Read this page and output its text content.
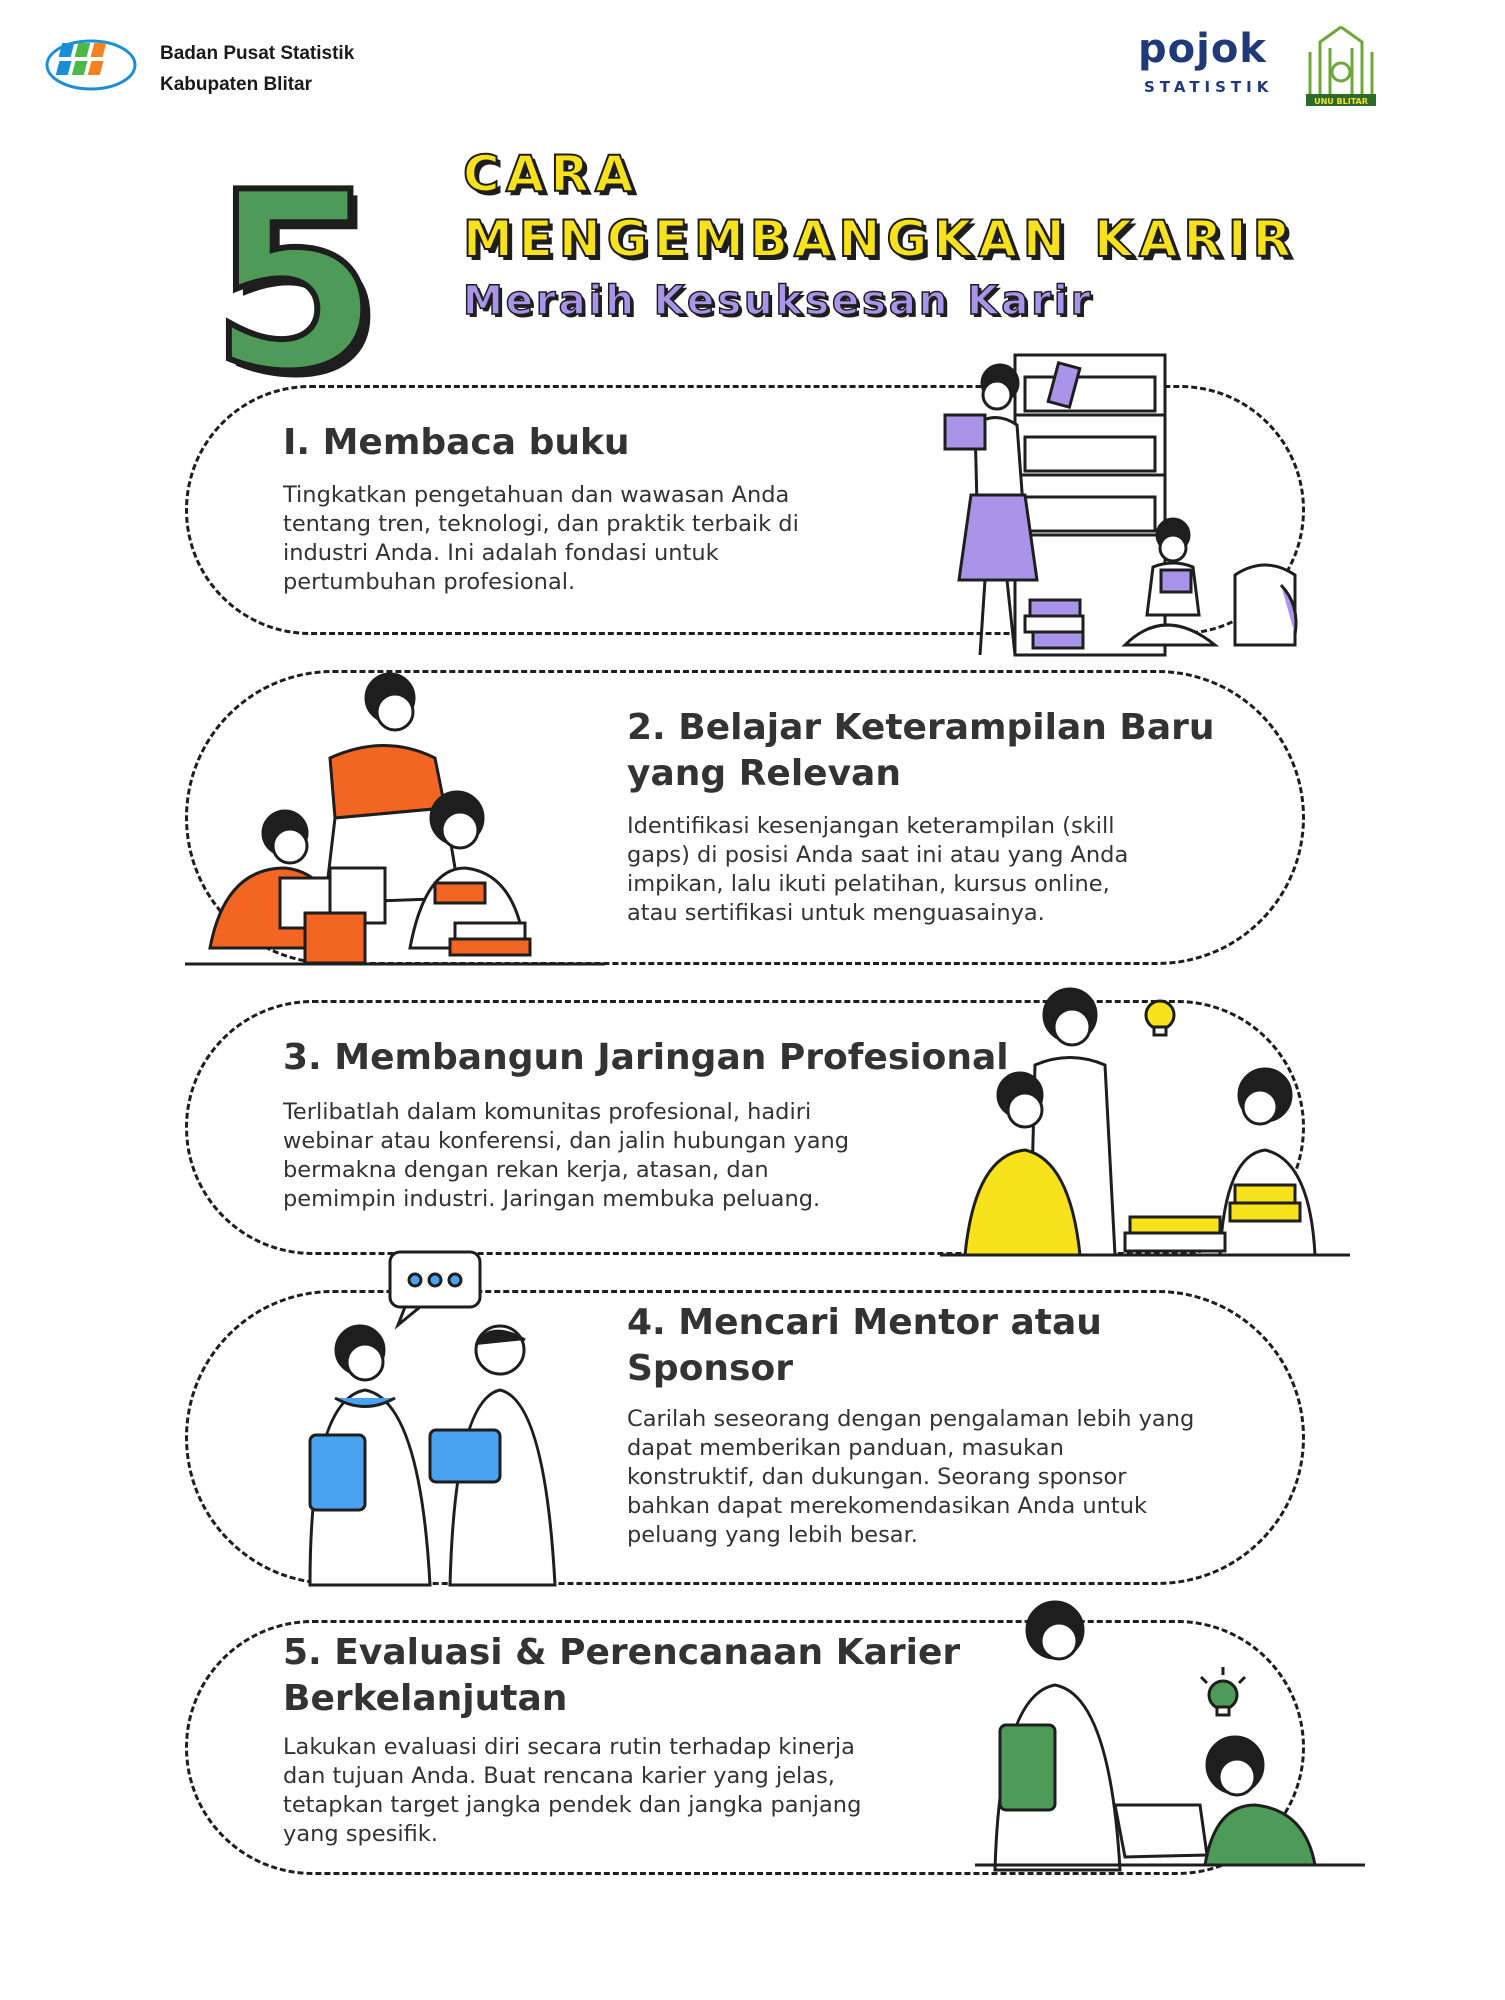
Badan Pusat Statistik
Kabupaten Blitar
pojok
STATISTIK
UNU BLITAR
5 CARA
MENGEMBANGKAN KARIR
Meraih Kesuksesan Karir
I. Membaca buku
Tingkatkan pengetahuan dan wawasan Anda
tentang tren, teknologi, dan praktik terbaik di
industri Anda. Ini adalah fondasi untuk
pertumbuhan profesional.
2. Belajar Keterampilan Baru
yang Relevan
Identifikasi kesenjangan keterampilan (skill
gaps) di posisi Anda saat ini atau yang Anda
impikan, lalu ikuti pelatihan, kursus online,
atau sertifikasi untuk menguasainya.
3. Membangun Jaringan Profesional
Terlibatlah dalam komunitas profesional, hadiri
webinar atau konferensi, dan jalin hubungan yang
bermakna dengan rekan kerja, atasan, dan
pemimpin industri. Jaringan membuka peluang.
4. Mencari Mentor atau
Sponsor
Carilah seseorang dengan pengalaman lebih yang
dapat memberikan panduan, masukan
konstruktif, dan dukungan. Seorang sponsor
bahkan dapat merekomendasikan Anda untuk
peluang yang lebih besar.
5. Evaluasi & Perencanaan Karier
Berkelanjutan
Lakukan evaluasi diri secara rutin terhadap kinerja
dan tujuan Anda. Buat rencana karier yang jelas,
tetapkan target jangka pendek dan jangka panjang
yang spesifik.
